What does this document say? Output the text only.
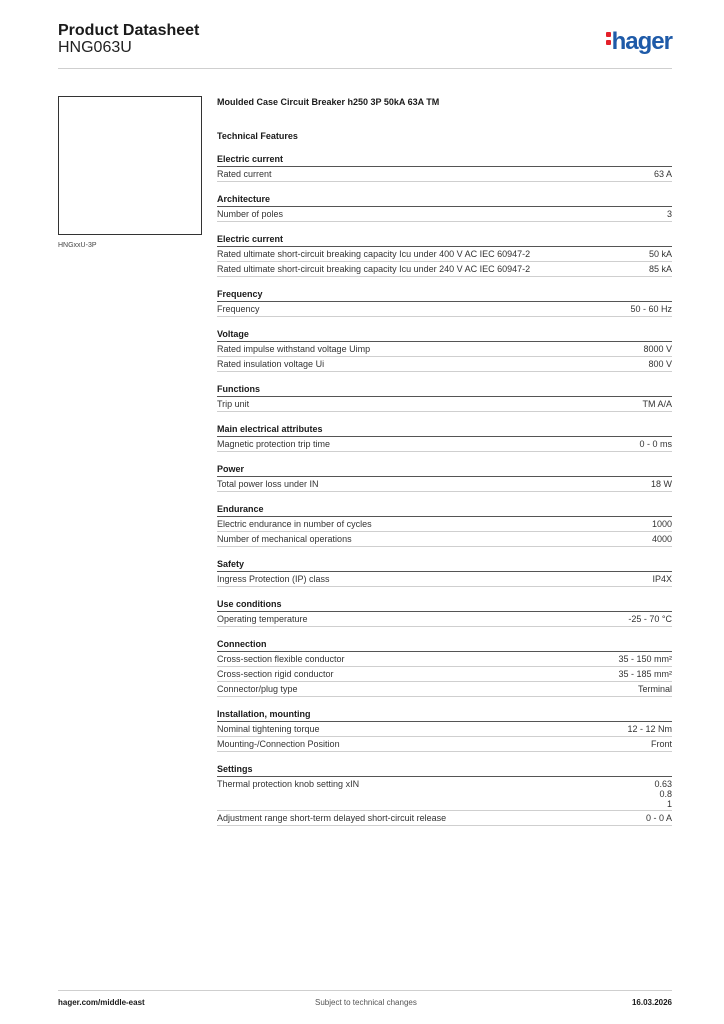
Product Datasheet
HNG063U	hager
HNGxxU-3P
Moulded Case Circuit Breaker h250 3P 50kA 63A TM
Technical Features
Electric current
Rated current	63 A
Architecture
Number of poles	3
Electric current
Rated ultimate short-circuit breaking capacity Icu under 400 V AC IEC 60947-2	50 kA
Rated ultimate short-circuit breaking capacity Icu under 240 V AC IEC 60947-2	85 kA
Frequency
Frequency	50 - 60 Hz
Voltage
Rated impulse withstand voltage Uimp	8000 V
Rated insulation voltage Ui	800 V
Functions
Trip unit	TM A/A
Main electrical attributes
Magnetic protection trip time	0 - 0 ms
Power
Total power loss under IN	18 W
Endurance
Electric endurance in number of cycles	1000
Number of mechanical operations	4000
Safety
Ingress Protection (IP) class	IP4X
Use conditions
Operating temperature	-25 - 70 °C
Connection
Cross-section flexible conductor	35 - 150 mm²
Cross-section rigid conductor	35 - 185 mm²
Connector/plug type	Terminal
Installation, mounting
Nominal tightening torque	12 - 12 Nm
Mounting-/Connection Position	Front
Settings
Thermal protection knob setting xIN	0.63
0.8
1
Adjustment range short-term delayed short-circuit release	0 - 0 A
hager.com/middle-east	Subject to technical changes	16.03.2026
